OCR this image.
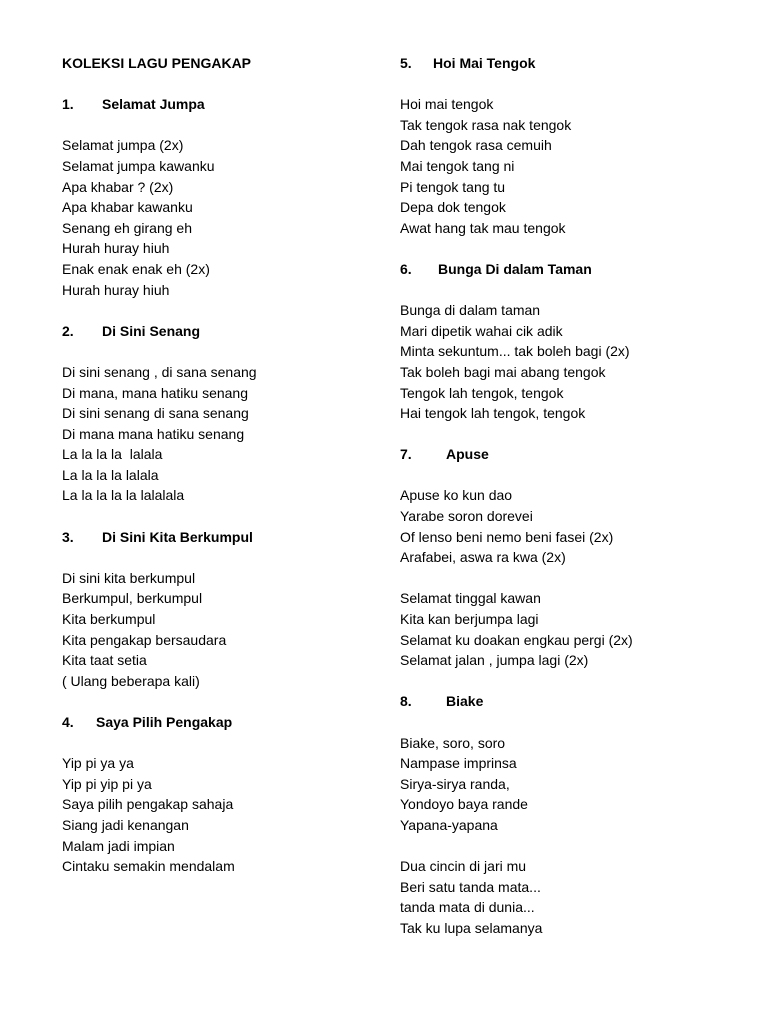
KOLEKSI LAGU PENGAKAP
1.	Selamat Jumpa
Selamat jumpa (2x)
Selamat jumpa kawanku
Apa khabar ? (2x)
Apa khabar kawanku
Senang eh girang eh
Hurah huray hiuh
Enak enak enak eh (2x)
Hurah huray hiuh
2.	Di Sini Senang
Di sini senang , di sana senang
Di mana, mana hatiku senang
Di sini senang di sana senang
Di mana mana hatiku senang
La la la la  lalala
La la la la lalala
La la la la la lalalala
3.	Di Sini Kita Berkumpul
Di sini kita berkumpul
Berkumpul, berkumpul
Kita berkumpul
Kita pengakap bersaudara
Kita taat setia
( Ulang beberapa kali)
4.	Saya Pilih Pengakap
Yip pi ya ya
Yip pi yip pi ya
Saya pilih pengakap sahaja
Siang jadi kenangan
Malam jadi impian
Cintaku semakin mendalam
5.	Hoi Mai Tengok
Hoi mai tengok
Tak tengok rasa nak tengok
Dah tengok rasa cemuih
Mai tengok tang ni
Pi tengok tang tu
Depa dok tengok
Awat hang tak mau tengok
6.	Bunga Di dalam Taman
Bunga di dalam taman
Mari dipetik wahai cik adik
Minta sekuntum... tak boleh bagi (2x)
Tak boleh bagi mai abang tengok
Tengok lah tengok, tengok
Hai tengok lah tengok, tengok
7.	Apuse
Apuse ko kun dao
Yarabe soron dorevei
Of lenso beni nemo beni fasei (2x)
Arafabei, aswa ra kwa (2x)
Selamat tinggal kawan
Kita kan berjumpa lagi
Selamat ku doakan engkau pergi (2x)
Selamat jalan , jumpa lagi (2x)
8.	Biake
Biake, soro, soro
Nampase imprinsa
Sirya-sirya randa,
Yondoyo baya rande
Yapana-yapana
Dua cincin di jari mu
Beri satu tanda mata...
tanda mata di dunia...
Tak ku lupa selamanya
